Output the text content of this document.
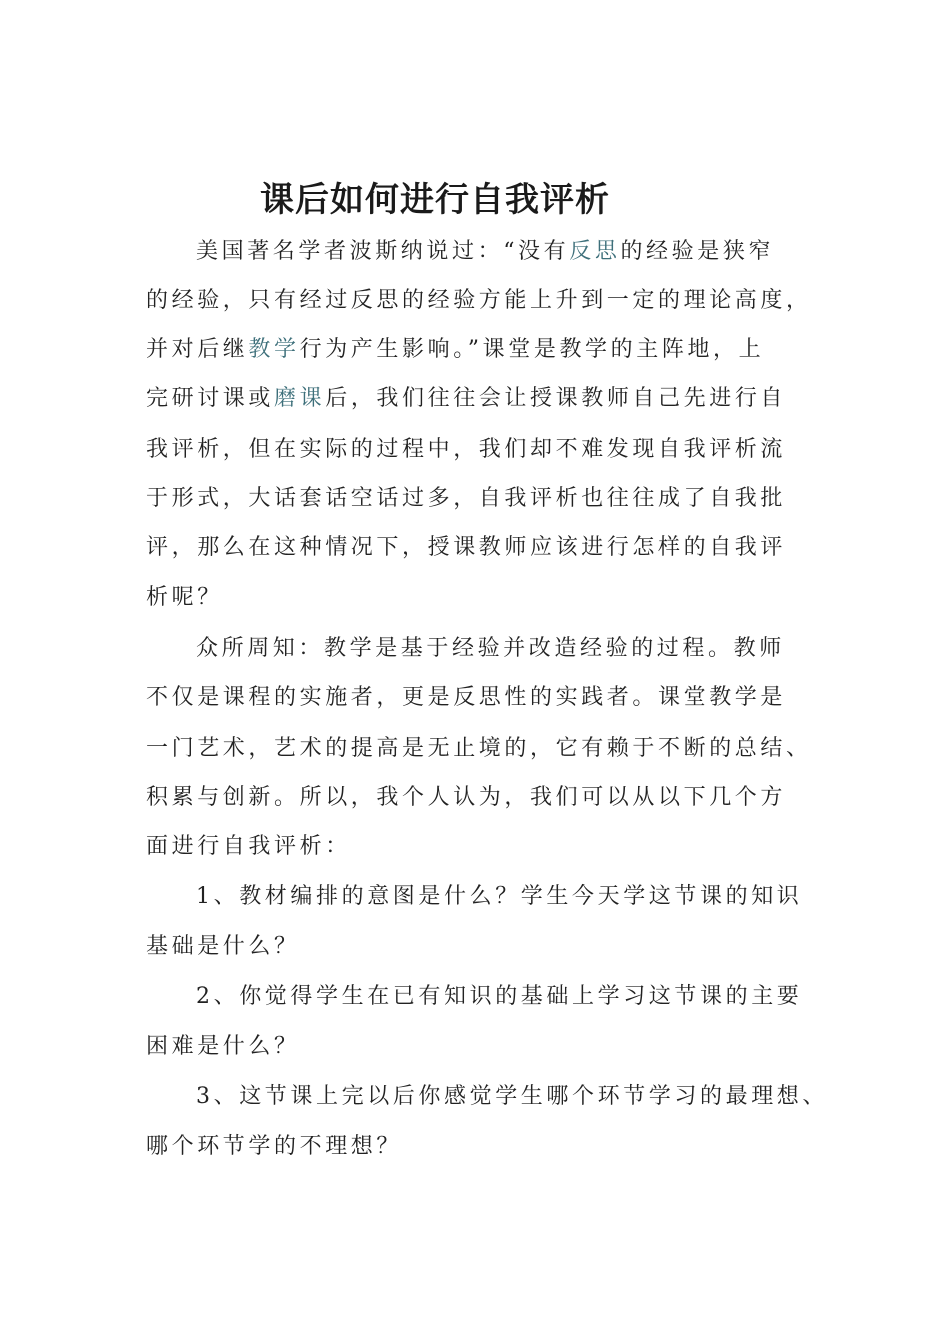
课后如何进行自我评析
美国著名学者波斯纳说过：“没有反思的经验是狭窄
的经验，只有经过反思的经验方能上升到一定的理论高度，
并对后继教学行为产生影响。”课堂是教学的主阵地，上
完研讨课或磨课后，我们往往会让授课教师自己先进行自
我评析，但在实际的过程中，我们却不难发现自我评析流
于形式，大话套话空话过多，自我评析也往往成了自我批
评，那么在这种情况下，授课教师应该进行怎样的自我评
析呢？
众所周知：教学是基于经验并改造经验的过程。教师
不仅是课程的实施者，更是反思性的实践者。课堂教学是
一门艺术，艺术的提高是无止境的，它有赖于不断的总结、
积累与创新。所以，我个人认为，我们可以从以下几个方
面进行自我评析：
1、教材编排的意图是什么？学生今天学这节课的知识
基础是什么？
2、你觉得学生在已有知识的基础上学习这节课的主要
困难是什么？
3、这节课上完以后你感觉学生哪个环节学习的最理想、
哪个环节学的不理想？
